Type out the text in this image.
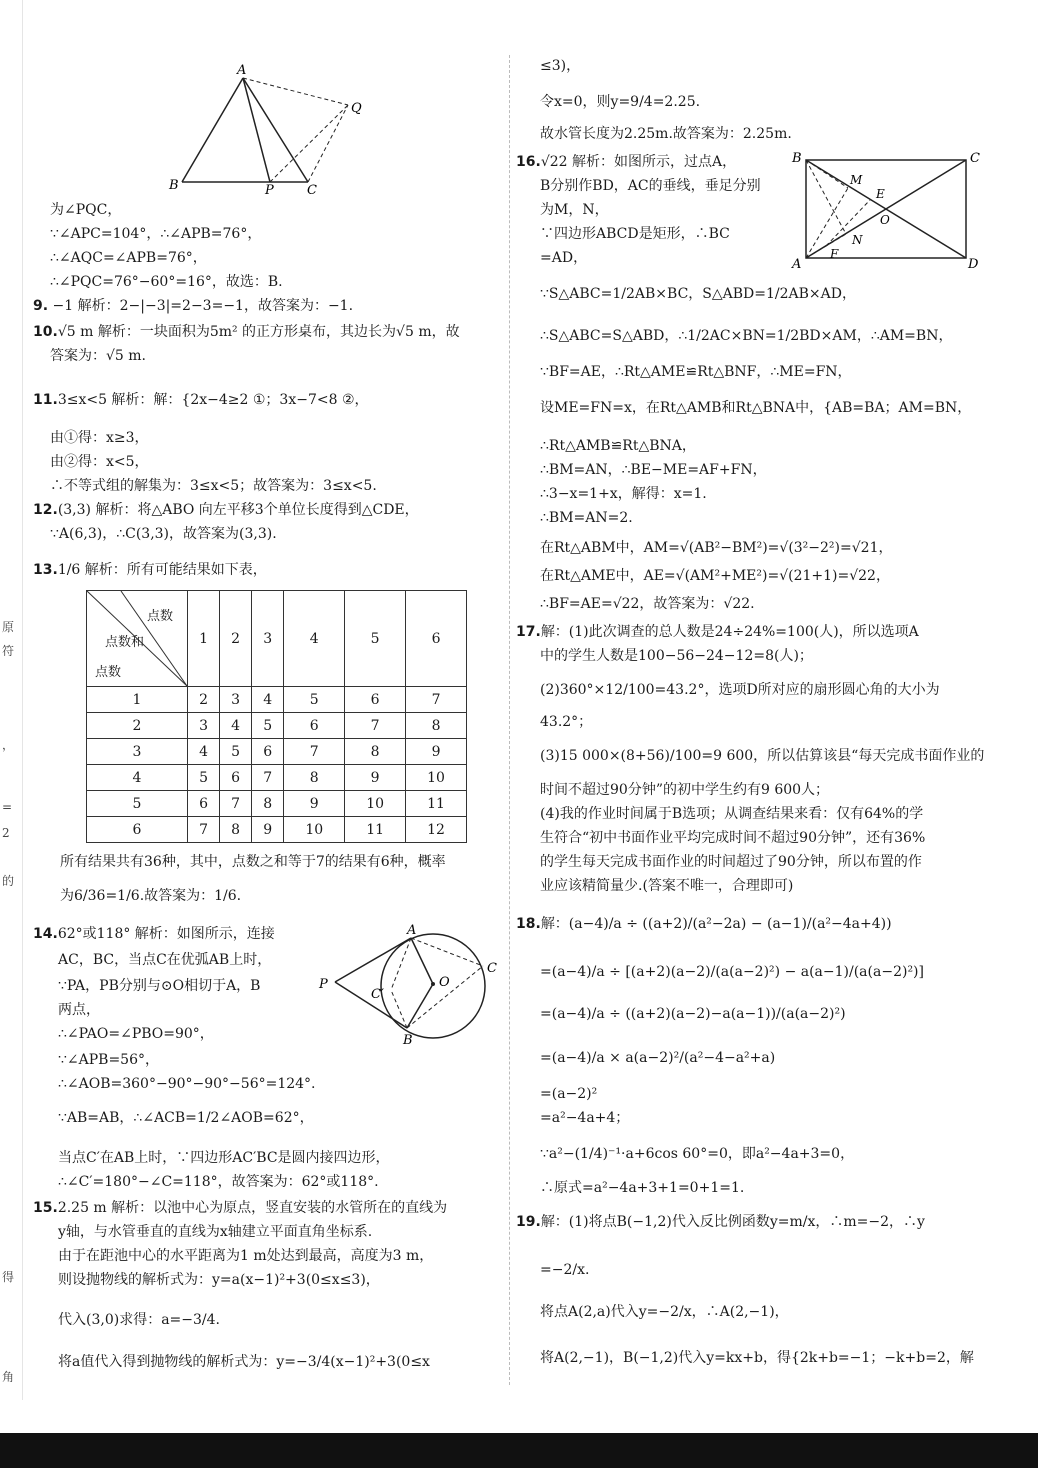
原
符
，
=
2
的
得
角
A
B	P	C
Q
为∠PQC，
∵∠APC=104°，∴∠APB=76°，
∴∠AQC=∠APB=76°，
∴∠PQC=76°−60°=16°，故选：B.
9. −1 解析：2−|−3|=2−3=−1，故答案为：−1.
10.√5 m 解析：一块面积为5m² 的正方形桌布，其边长为√5 m，故
答案为：√5 m.
11.3≤x<5 解析：解：{2x−4≥2 ①；3x−7<8 ②，
由①得：x≥3，
由②得：x<5，
∴不等式组的解集为：3≤x<5；故答案为：3≤x<5.
12.(3,3) 解析：将△ABO 向左平移3个单位长度得到△CDE，
∵A(6,3)，∴C(3,3)，故答案为(3,3).
13.1/6 解析：所有可能结果如下表，
点数
点数和
点数	1	2	3	4	5	6
1	2	3	4	5	6	7
2	3	4	5	6	7	8
3	4	5	6	7	8	9
4	5	6	7	8	9	10
5	6	7	8	9	10	11
6	7	8	9	10	11	12
所有结果共有36种，其中，点数之和等于7的结果有6种，概率
为6/36=1/6.故答案为：1/6.
14.62°或118° 解析：如图所示，连接
AC，BC，当点C在优弧AB上时，
∵PA，PB分别与⊙O相切于A，B
两点，
∴∠PAO=∠PBO=90°，
∵∠APB=56°，
∴∠AOB=360°−90°−90°−56°=124°.
∵AB=AB，∴∠ACB=1/2∠AOB=62°，
当点C′在AB上时，∵四边形AC′BC是圆内接四边形，
∴∠C′=180°−∠C=118°，故答案为：62°或118°.
A
B
C
C′
O
P
15.2.25 m 解析：以池中心为原点，竖直安装的水管所在的直线为
y轴，与水管垂直的直线为x轴建立平面直角坐标系.
由于在距池中心的水平距离为1 m处达到最高，高度为3 m，
则设抛物线的解析式为：y=a(x−1)²+3(0≤x≤3)，
代入(3,0)求得：a=−3/4.
将a值代入得到抛物线的解析式为：y=−3/4(x−1)²+3(0≤x
≤3)，
令x=0，则y=9/4=2.25.
故水管长度为2.25m.故答案为：2.25m.
16.√22 解析：如图所示，过点A，
B分别作BD，AC的垂线，垂足分别
为M，N，
∵四边形ABCD是矩形，∴BC
=AD，
B	C
A	D
M
E
O
N
F
∵S△ABC=1/2AB×BC，S△ABD=1/2AB×AD，
∴S△ABC=S△ABD，∴1/2AC×BN=1/2BD×AM，∴AM=BN，
∵BF=AE，∴Rt△AME≌Rt△BNF，∴ME=FN，
设ME=FN=x，在Rt△AMB和Rt△BNA中，{AB=BA；AM=BN，
∴Rt△AMB≌Rt△BNA，
∴BM=AN，∴BE−ME=AF+FN，
∴3−x=1+x，解得：x=1.
∴BM=AN=2.
在Rt△ABM中，AM=√(AB²−BM²)=√(3²−2²)=√21，
在Rt△AME中，AE=√(AM²+ME²)=√(21+1)=√22，
∴BF=AE=√22，故答案为：√22.
17.解：(1)此次调查的总人数是24÷24%=100(人)，所以选项A
中的学生人数是100−56−24−12=8(人)；
(2)360°×12/100=43.2°，选项D所对应的扇形圆心角的大小为
43.2°；
(3)15 000×(8+56)/100=9 600，所以估算该县“每天完成书面作业的
时间不超过90分钟”的初中学生约有9 600人；
(4)我的作业时间属于B选项；从调查结果来看：仅有64%的学
生符合“初中书面作业平均完成时间不超过90分钟”，还有36%
的学生每天完成书面作业的时间超过了90分钟，所以布置的作
业应该精简量少.(答案不唯一，合理即可)
18.解：(a−4)/a ÷ ((a+2)/(a²−2a) − (a−1)/(a²−4a+4))
=(a−4)/a ÷ [(a+2)(a−2)/(a(a−2)²) − a(a−1)/(a(a−2)²)]
=(a−4)/a ÷ ((a+2)(a−2)−a(a−1))/(a(a−2)²)
=(a−4)/a × a(a−2)²/(a²−4−a²+a)
=(a−2)²
=a²−4a+4；
∵a²−(1/4)⁻¹·a+6cos 60°=0，即a²−4a+3=0，
∴原式=a²−4a+3+1=0+1=1.
19.解：(1)将点B(−1,2)代入反比例函数y=m/x，∴m=−2，∴y
=−2/x.
将点A(2,a)代入y=−2/x，∴A(2,−1)，
将A(2,−1)，B(−1,2)代入y=kx+b，得{2k+b=−1；−k+b=2，解
